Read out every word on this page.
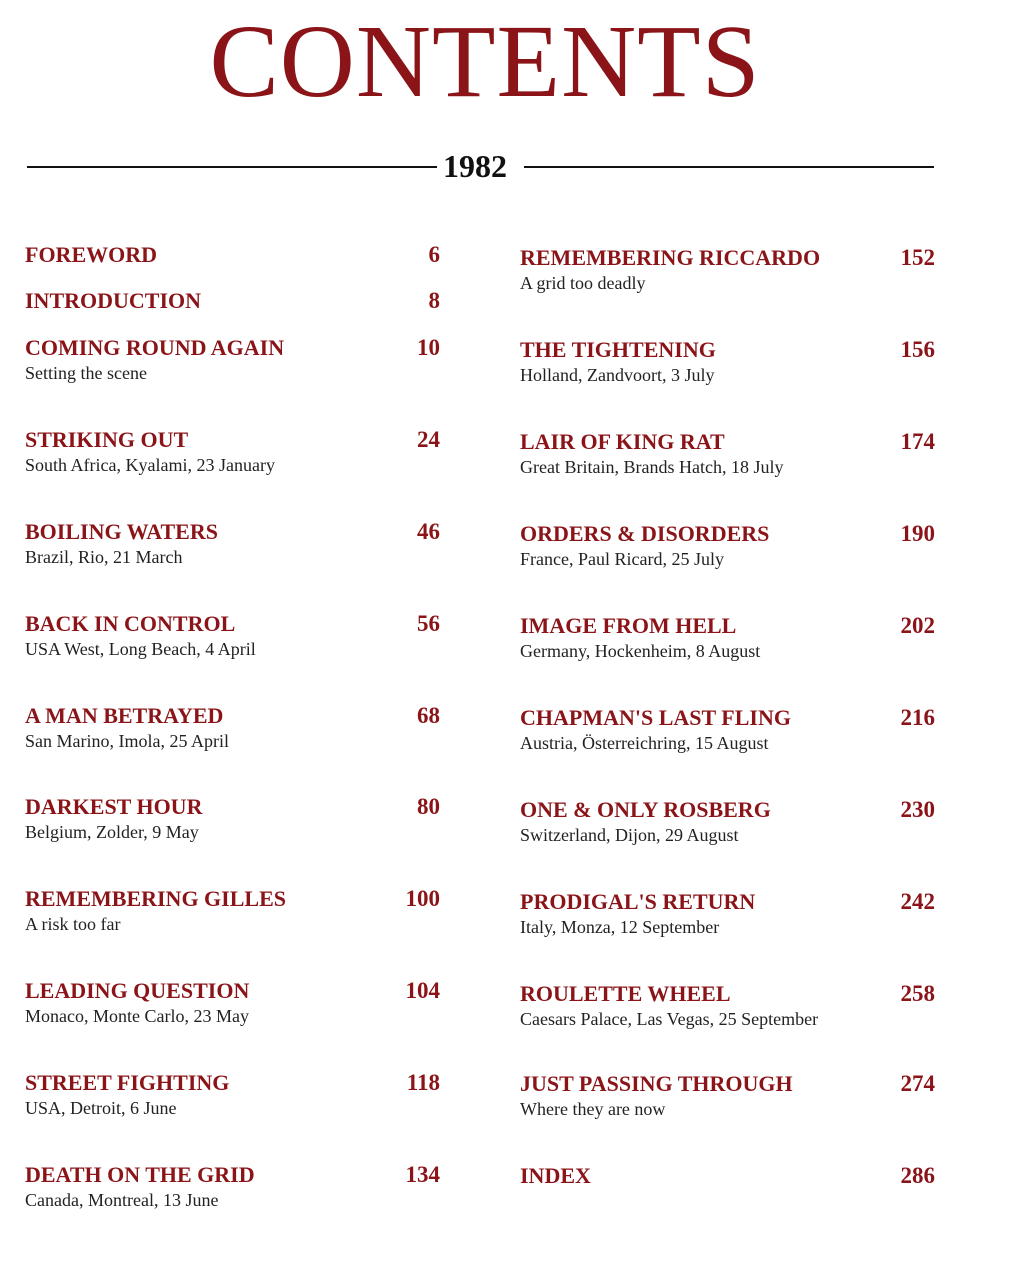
CONTENTS
1982
FOREWORD	6
INTRODUCTION	8
COMING ROUND AGAIN	10
Setting the scene
STRIKING OUT	24
South Africa, Kyalami, 23 January
BOILING WATERS	46
Brazil, Rio, 21 March
BACK IN CONTROL	56
USA West, Long Beach, 4 April
A MAN BETRAYED	68
San Marino, Imola, 25 April
DARKEST HOUR	80
Belgium, Zolder, 9 May
REMEMBERING GILLES	100
A risk too far
LEADING QUESTION	104
Monaco, Monte Carlo, 23 May
STREET FIGHTING	118
USA, Detroit, 6 June
DEATH ON THE GRID	134
Canada, Montreal, 13 June
REMEMBERING RICCARDO	152
A grid too deadly
THE TIGHTENING	156
Holland, Zandvoort, 3 July
LAIR OF KING RAT	174
Great Britain, Brands Hatch, 18 July
ORDERS & DISORDERS	190
France, Paul Ricard, 25 July
IMAGE FROM HELL	202
Germany, Hockenheim, 8 August
CHAPMAN'S LAST FLING	216
Austria, Österreichring, 15 August
ONE & ONLY ROSBERG	230
Switzerland, Dijon, 29 August
PRODIGAL'S RETURN	242
Italy, Monza, 12 September
ROULETTE WHEEL	258
Caesars Palace, Las Vegas, 25 September
JUST PASSING THROUGH	274
Where they are now
INDEX	286
